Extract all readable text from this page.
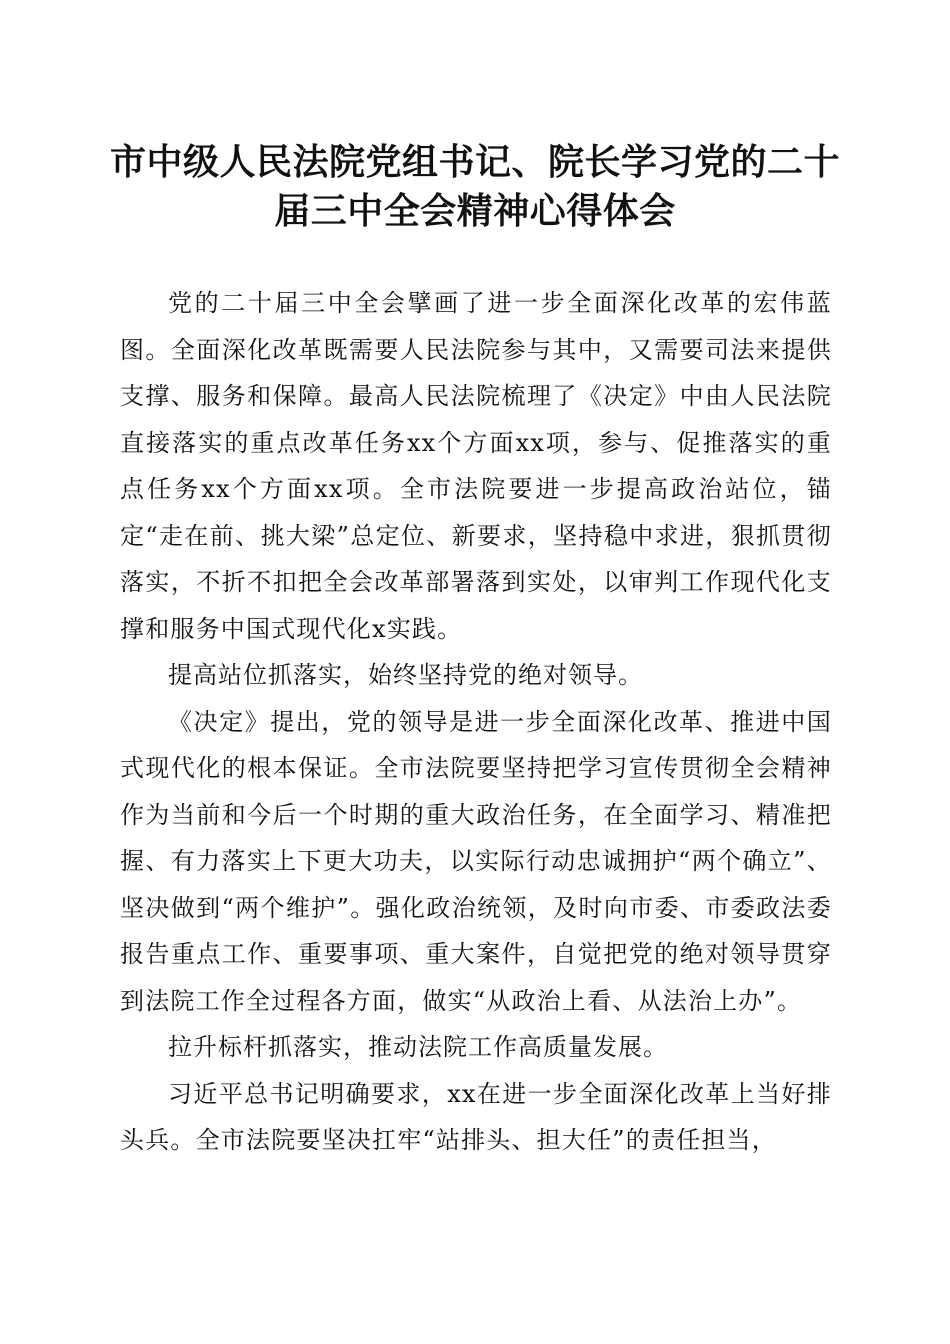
市中级人民法院党组书记、院长学习党的二十
届三中全会精神心得体会

党的二十届三中全会擘画了进一步全面深化改革的宏伟蓝图。全面深化改革既需要人民法院参与其中，又需要司法来提供支撑、服务和保障。最高人民法院梳理了《决定》中由人民法院直接落实的重点改革任务xx个方面xx项，参与、促推落实的重点任务xx个方面xx项。全市法院要进一步提高政治站位，锚定“走在前、挑大梁”总定位、新要求，坚持稳中求进，狠抓贯彻落实，不折不扣把全会改革部署落到实处，以审判工作现代化支撑和服务中国式现代化x实践。

提高站位抓落实，始终坚持党的绝对领导。

《决定》提出，党的领导是进一步全面深化改革、推进中国式现代化的根本保证。全市法院要坚持把学习宣传贯彻全会精神作为当前和今后一个时期的重大政治任务，在全面学习、精准把握、有力落实上下更大功夫，以实际行动忠诚拥护“两个确立”、坚决做到“两个维护”。强化政治统领，及时向市委、市委政法委报告重点工作、重要事项、重大案件，自觉把党的绝对领导贯穿到法院工作全过程各方面，做实“从政治上看、从法治上办”。

拉升标杆抓落实，推动法院工作高质量发展。

习近平总书记明确要求，xx在进一步全面深化改革上当好排头兵。全市法院要坚决扛牢“站排头、担大任”的责任担当，
